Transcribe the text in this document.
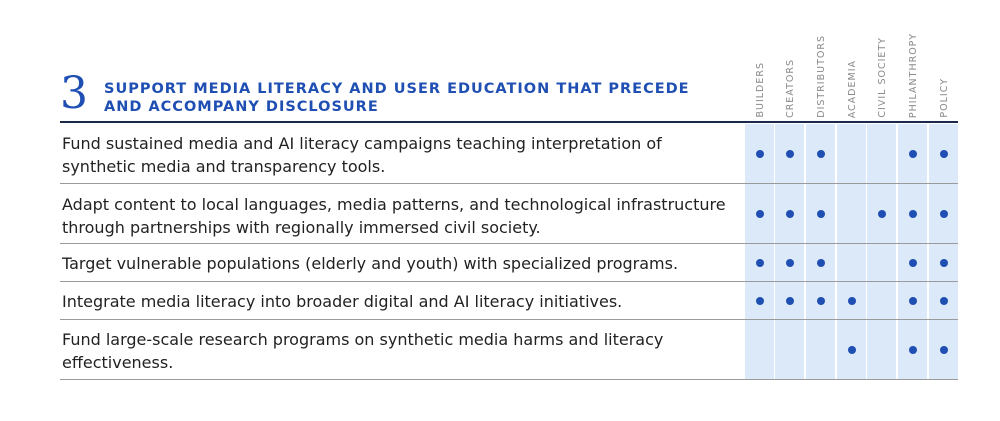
3 SUPPORT MEDIA LITERACY AND USER EDUCATION THAT PRECEDE AND ACCOMPANY DISCLOSURE	BUILDERS CREATORS DISTRIBUTORS ACADEMIA CIVIL SOCIETY PHILANTHROPY POLICY
Fund sustained media and AI literacy campaigns teaching interpretation of synthetic media and transparency tools.
Adapt content to local languages, media patterns, and technological infrastructure through partnerships with regionally immersed civil society.
Target vulnerable populations (elderly and youth) with specialized programs.
Integrate media literacy into broader digital and AI literacy initiatives.
Fund large-scale research programs on synthetic media harms and literacy effectiveness.
